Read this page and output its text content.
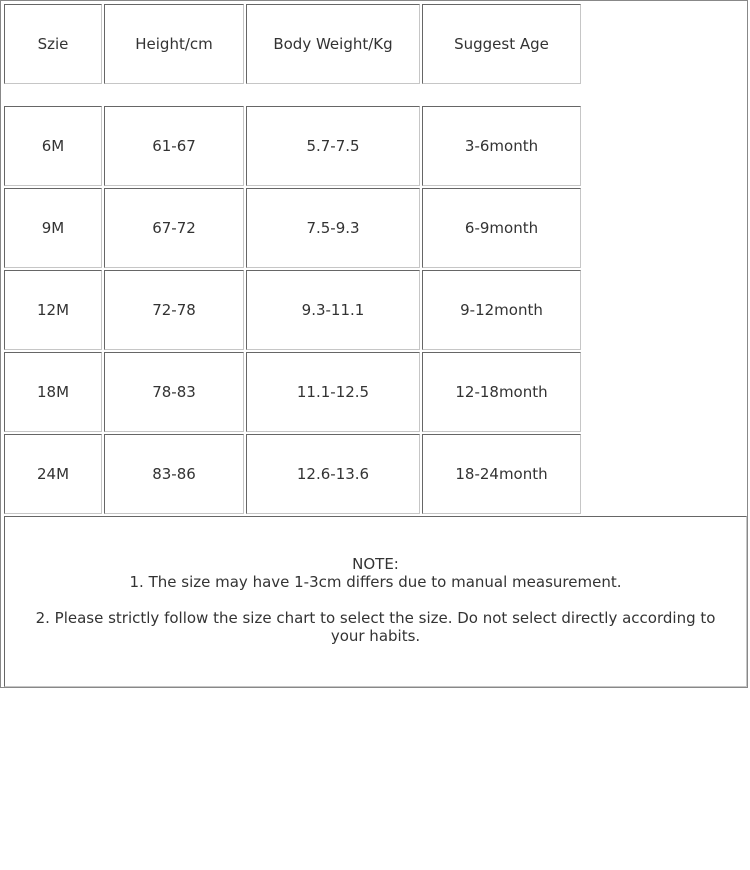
Szie	Height/cm	Body Weight/Kg	Suggest Age
6M	61-67	5.7-7.5	3-6month
9M	67-72	7.5-9.3	6-9month
12M	72-78	9.3-11.1	9-12month
18M	78-83	11.1-12.5	12-18month
24M	83-86	12.6-13.6	18-24month

NOTE:

1. The size may have 1-3cm differs due to manual measurement.

2. Please strictly follow the size chart to select the size. Do not select directly according to your habits.
